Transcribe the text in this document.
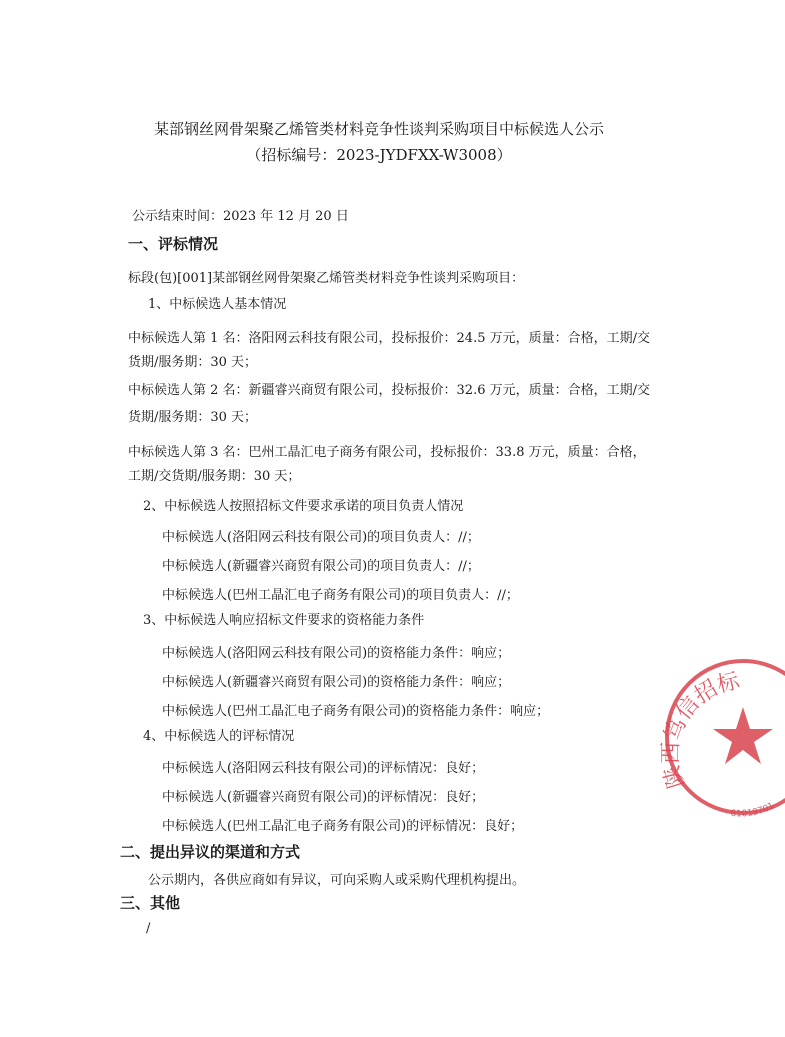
某部钢丝网骨架聚乙烯管类材料竞争性谈判采购项目中标候选人公示
（招标编号：2023-JYDFXX-W3008）
公示结束时间：2023 年 12 月 20 日
一、评标情况
标段(包)[001]某部钢丝网骨架聚乙烯管类材料竞争性谈判采购项目：
1、中标候选人基本情况
中标候选人第 1 名：洛阳网云科技有限公司，投标报价：24.5 万元，质量：合格，工期/交
货期/服务期：30 天；
中标候选人第 2 名：新疆睿兴商贸有限公司，投标报价：32.6 万元，质量：合格，工期/交
货期/服务期：30 天；
中标候选人第 3 名：巴州工晶汇电子商务有限公司，投标报价：33.8 万元，质量：合格，
工期/交货期/服务期：30 天；
2、中标候选人按照招标文件要求承诺的项目负责人情况
中标候选人(洛阳网云科技有限公司)的项目负责人：//；
中标候选人(新疆睿兴商贸有限公司)的项目负责人：//；
中标候选人(巴州工晶汇电子商务有限公司)的项目负责人：//；
3、中标候选人响应招标文件要求的资格能力条件
中标候选人(洛阳网云科技有限公司)的资格能力条件：响应；
中标候选人(新疆睿兴商贸有限公司)的资格能力条件：响应；
中标候选人(巴州工晶汇电子商务有限公司)的资格能力条件：响应；
4、中标候选人的评标情况
中标候选人(洛阳网云科技有限公司)的评标情况：良好；
中标候选人(新疆睿兴商贸有限公司)的评标情况：良好；
中标候选人(巴州工晶汇电子商务有限公司)的评标情况：良好；
二、提出异议的渠道和方式
公示期内，各供应商如有异议，可向采购人或采购代理机构提出。
三、其他
/
陕西笃信招标
61019701
